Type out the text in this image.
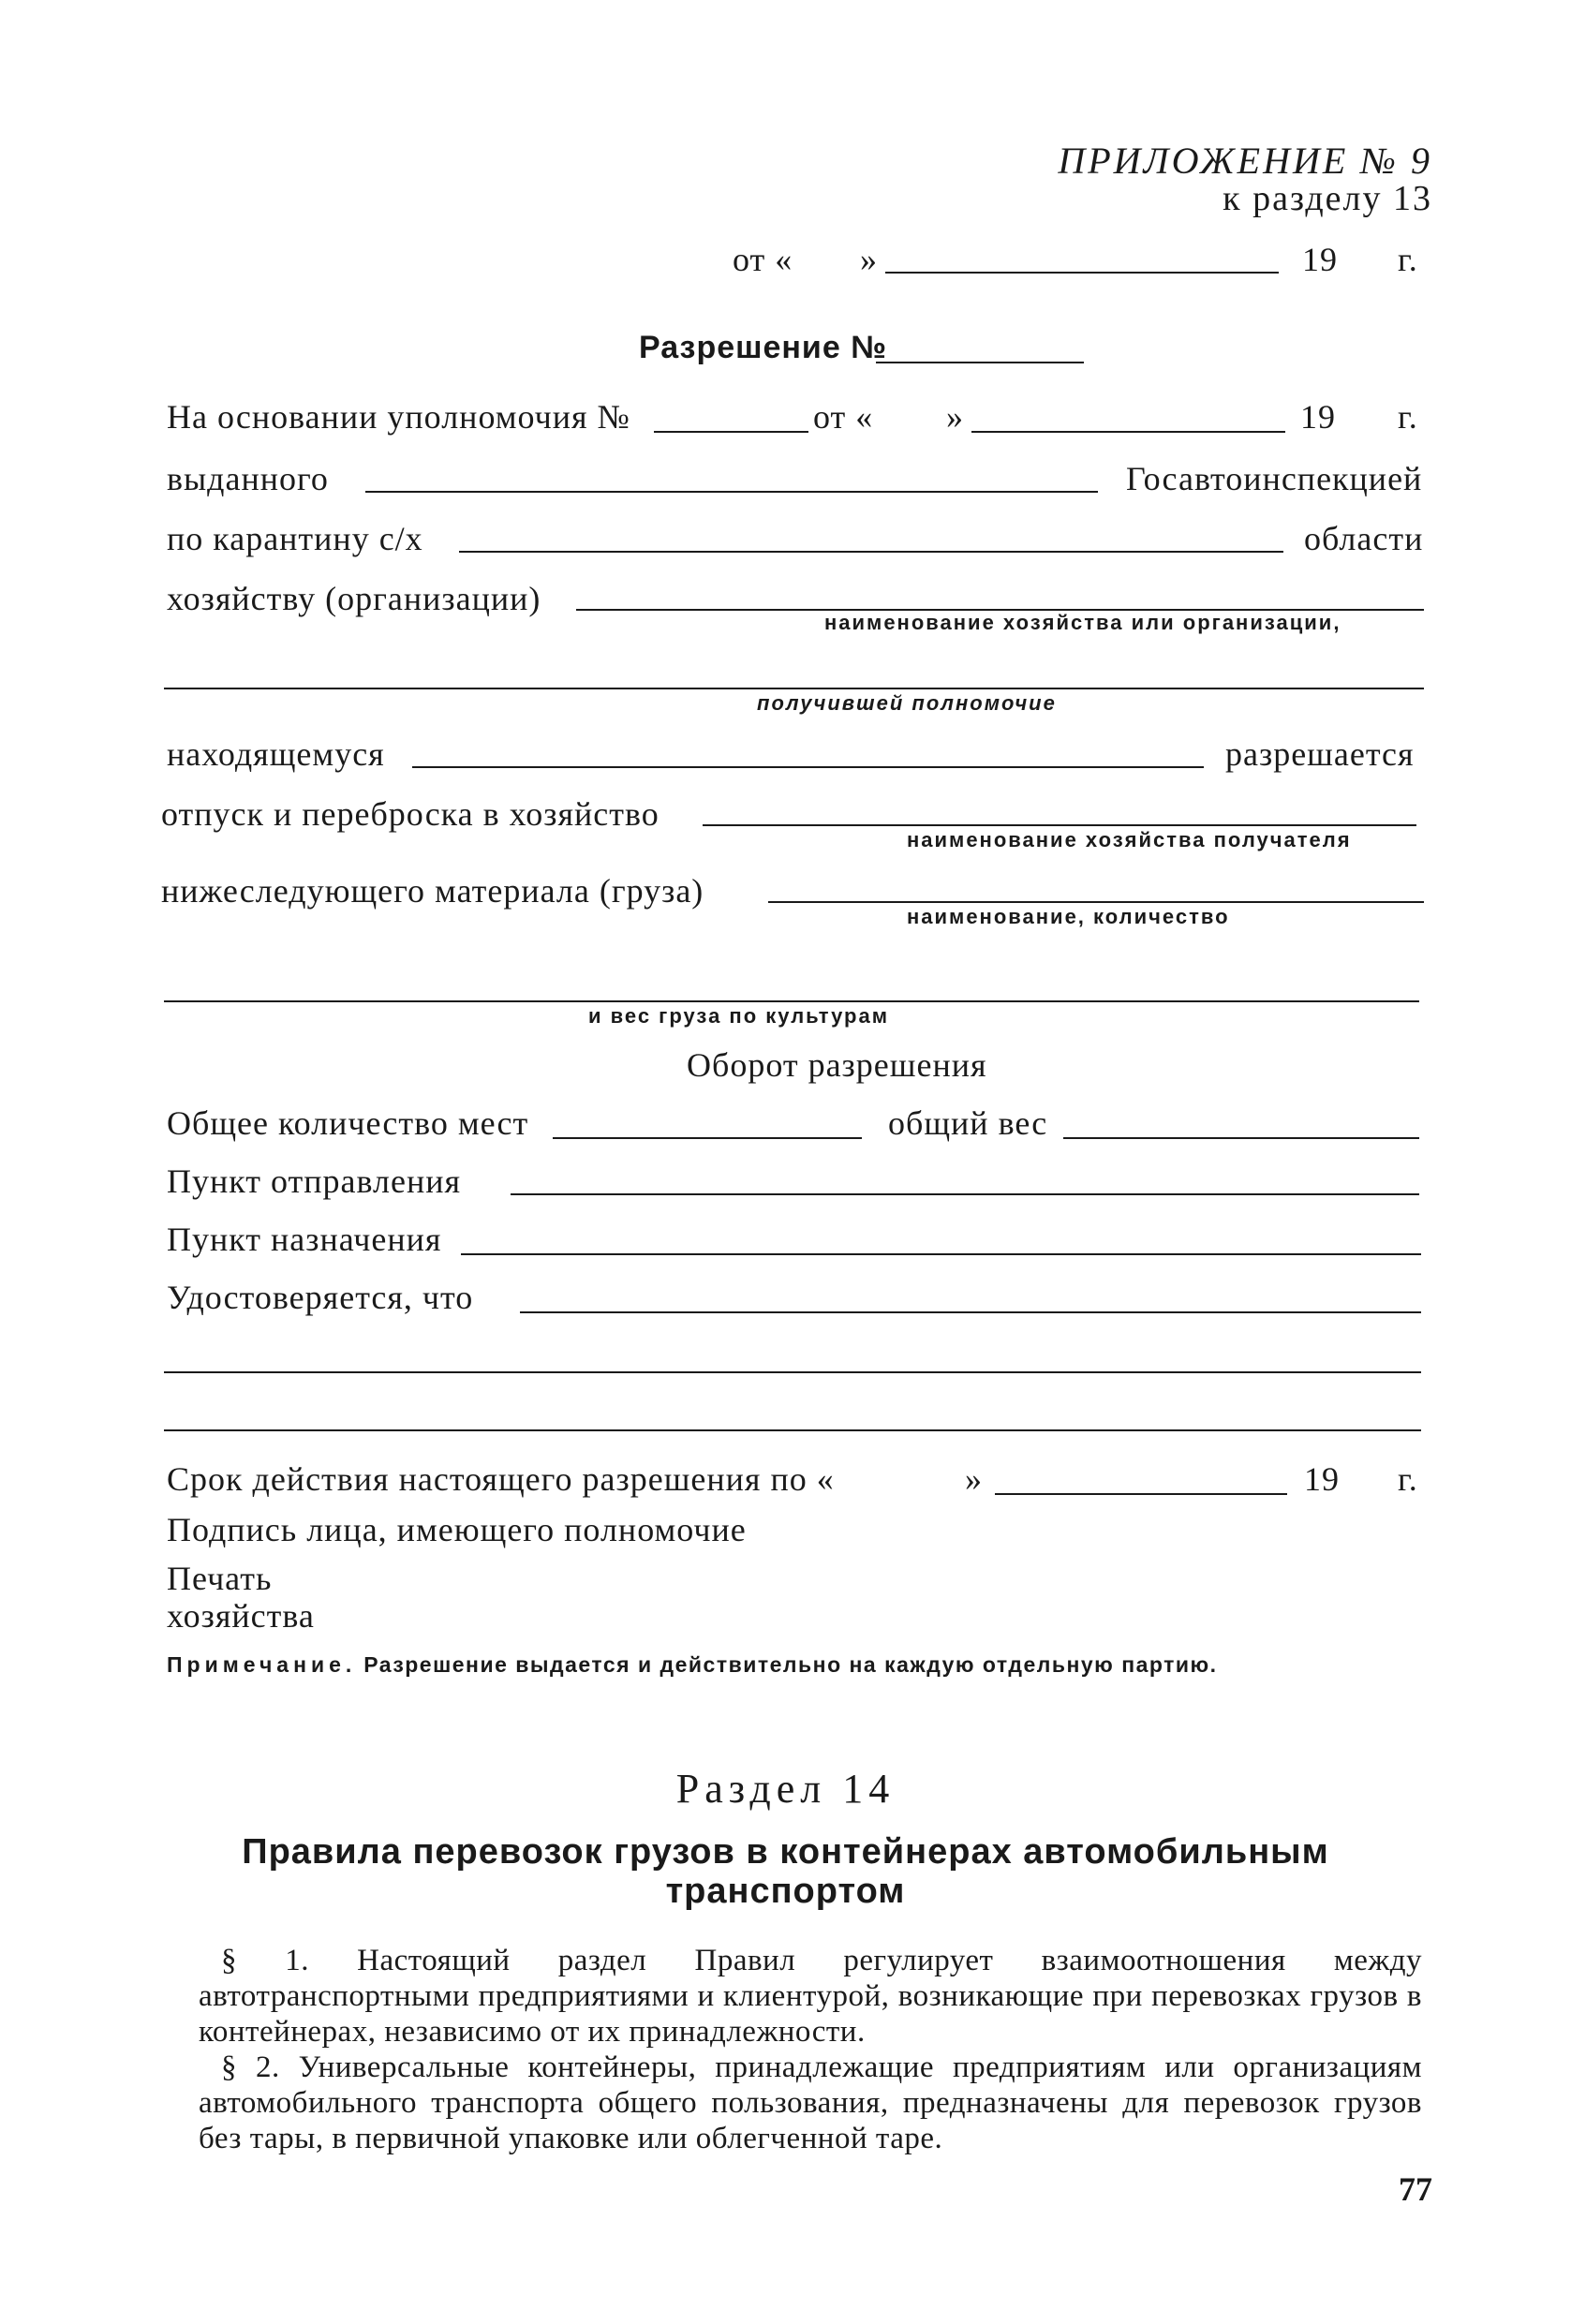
ПРИЛОЖЕНИЕ № 9
к разделу 13
от « »	19 г.
Разрешение №
На основании уполномочия №	от « »	19 г.
выданного	Госавтоинспекцией
по карантину с/х	области
хозяйству (организации)
наименование хозяйства или организации,
получившей полномочие
находящемуся	разрешается
отпуск и переброска в хозяйство
наименование хозяйства получателя
нижеследующего материала (груза)
наименование, количество
и вес груза по культурам
Оборот разрешения
Общее количество мест	общий вес
Пункт отправления
Пункт назначения
Удостоверяется, что
Срок действия настоящего разрешения по «	»	19 г.
Подпись лица, имеющего полномочие
Печать
хозяйства
Примечание. Разрешение выдается и действительно на каждую отдельную партию.
Раздел 14
Правила перевозок грузов в контейнерах автомобильным
транспортом
§ 1. Настоящий раздел Правил регулирует взаимоотношения между автотранспортными предприятиями и клиентурой, возникающие при перевозках грузов в контейнерах, независимо от их принадлежности.
§ 2. Универсальные контейнеры, принадлежащие предприятиям или организациям автомобильного транспорта общего пользования, предназначены для перевозок грузов без тары, в первичной упаковке или облегченной таре.
77
